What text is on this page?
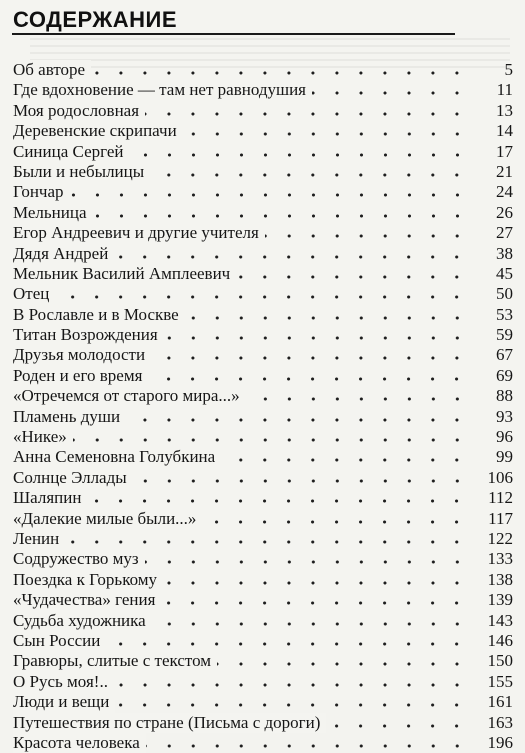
СОДЕРЖАНИЕ
Об авторе	5
Где вдохновение — там нет равнодушия	11
Моя родословная	13
Деревенские скрипачи	14
Синица Сергей	17
Были и небылицы	21
Гончар	24
Мельница	26
Егор Андреевич и другие учителя	27
Дядя Андрей	38
Мельник Василий Амплеевич	45
Отец	50
В Рославле и в Москве	53
Титан Возрождения	59
Друзья молодости	67
Роден и его время	69
«Отречемся от старого мира...»	88
Пламень души	93
«Нике»	96
Анна Семеновна Голубкина	99
Солнце Эллады	106
Шаляпин	112
«Далекие милые были...»	117
Ленин	122
Содружество муз	133
Поездка к Горькому	138
«Чудачества» гения	139
Судьба художника	143
Сын России	146
Гравюры, слитые с текстом	150
О Русь моя!..	155
Люди и вещи	161
Путешествия по стране (Письма с дороги)	163
Красота человека	196
